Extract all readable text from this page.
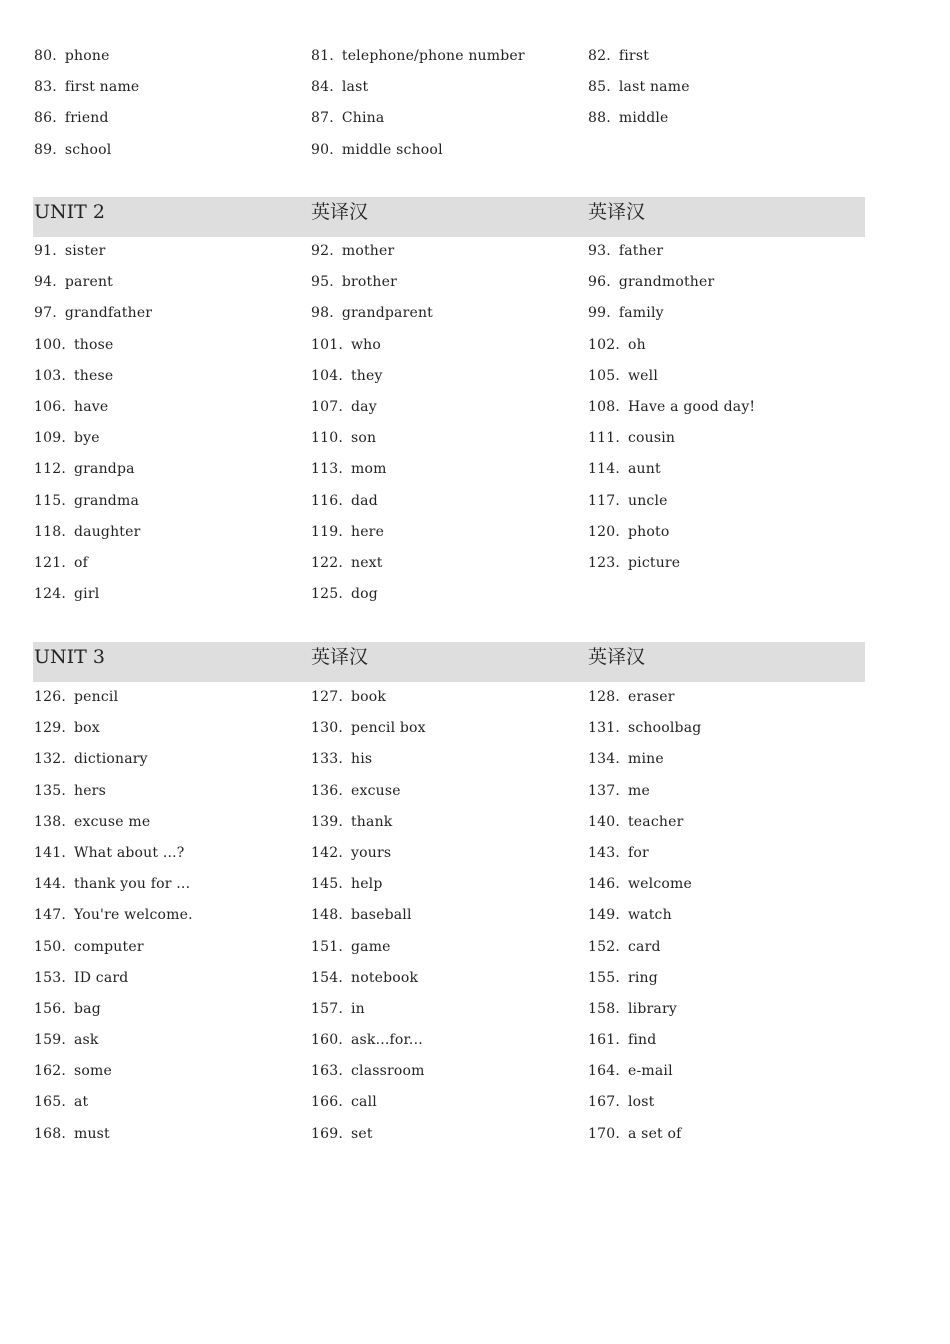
80. phone	81. telephone/phone number	82. first
83. first name	84. last	85. last name
86. friend	87. China	88. middle
89. school	90. middle school
UNIT 2	英译汉	英译汉
91. sister	92. mother	93. father
94. parent	95. brother	96. grandmother
97. grandfather	98. grandparent	99. family
100. those	101. who	102. oh
103. these	104. they	105. well
106. have	107. day	108. Have a good day!
109. bye	110. son	111. cousin
112. grandpa	113. mom	114. aunt
115. grandma	116. dad	117. uncle
118. daughter	119. here	120. photo
121. of	122. next	123. picture
124. girl	125. dog
UNIT 3	英译汉	英译汉
126. pencil	127. book	128. eraser
129. box	130. pencil box	131. schoolbag
132. dictionary	133. his	134. mine
135. hers	136. excuse	137. me
138. excuse me	139. thank	140. teacher
141. What about ...?	142. yours	143. for
144. thank you for ...	145. help	146. welcome
147. You're welcome.	148. baseball	149. watch
150. computer	151. game	152. card
153. ID card	154. notebook	155. ring
156. bag	157. in	158. library
159. ask	160. ask...for...	161. find
162. some	163. classroom	164. e-mail
165. at	166. call	167. lost
168. must	169. set	170. a set of
